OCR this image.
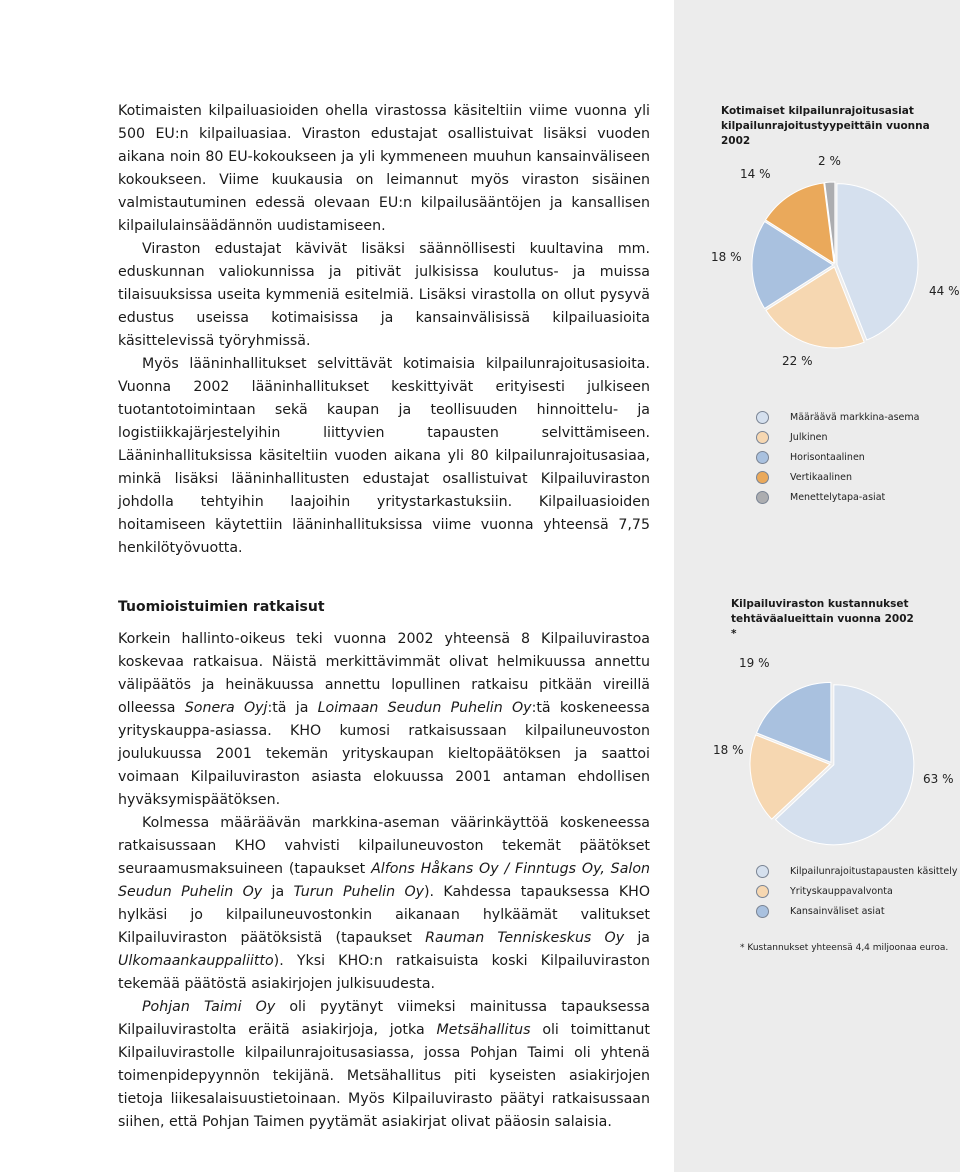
Kotimaisten kilpailuasioiden ohella virastossa käsiteltiin viime vuonna yli 500 EU:n kilpailuasiaa. Viraston edustajat osallistuivat lisäksi vuoden aikana noin 80 EU-kokoukseen ja yli kymmeneen muuhun kansainväliseen kokoukseen. Viime kuukausia on leimannut myös viraston sisäinen valmistautuminen edessä olevaan EU:n kilpailusääntöjen ja kansallisen kilpailulainsäädännön uudistamiseen.

Viraston edustajat kävivät lisäksi säännöllisesti kuultavina mm. eduskunnan valiokunnissa ja pitivät julkisissa koulutus- ja muissa tilaisuuksissa useita kymmeniä esitelmiä. Lisäksi virastolla on ollut pysyvä edustus useissa kotimaisissa ja kansainvälisissä kilpailuasioita käsittelevissä työryhmissä.

Myös lääninhallitukset selvittävät kotimaisia kilpailunrajoitusasioita. Vuonna 2002 lääninhallitukset keskittyivät erityisesti julkiseen tuotantotoimintaan sekä kaupan ja teollisuuden hinnoittelu- ja logistiikkajärjestelyihin liittyvien tapausten selvittämiseen. Lääninhallituksissa käsiteltiin vuoden aikana yli 80 kilpailunrajoitusasiaa, minkä lisäksi lääninhallitusten edustajat osallistuivat Kilpailuviraston johdolla tehtyihin laajoihin yritystarkastuksiin. Kilpailuasioiden hoitamiseen käytettiin lääninhallituksissa viime vuonna yhteensä 7,75 henkilötyövuotta.

Tuomioistuimien ratkaisut

Korkein hallinto-oikeus teki vuonna 2002 yhteensä 8 Kilpailuvirastoa koskevaa ratkaisua. Näistä merkittävimmät olivat helmikuussa annettu välipäätös ja heinäkuussa annettu lopullinen ratkaisu pitkään vireillä olleessa Sonera Oyj:tä ja Loimaan Seudun Puhelin Oy:tä koskeneessa yrityskauppa-asiassa. KHO kumosi ratkaisussaan kilpailuneuvoston joulukuussa 2001 tekemän yrityskaupan kieltopäätöksen ja saattoi voimaan Kilpailuviraston asiasta elokuussa 2001 antaman ehdollisen hyväksymispäätöksen.

Kolmessa määräävän markkina-aseman väärinkäyttöä koskeneessa ratkaisussaan KHO vahvisti kilpailuneuvoston tekemät päätökset seuraamusmaksuineen (tapaukset Alfons Håkans Oy / Finntugs Oy, Salon Seudun Puhelin Oy ja Turun Puhelin Oy). Kahdessa tapauksessa KHO hylkäsi jo kilpailuneuvostonkin aikanaan hylkäämät valitukset Kilpailuviraston päätöksistä (tapaukset Rauman Tenniskeskus Oy ja Ulkomaankauppaliitto). Yksi KHO:n ratkaisuista koski Kilpailuviraston tekemää päätöstä asiakirjojen julkisuudesta.

Pohjan Taimi Oy oli pyytänyt viimeksi mainitussa tapauksessa Kilpailuvirastolta eräitä asiakirjoja, jotka Metsähallitus oli toimittanut Kilpailuvirastolle kilpailunrajoitusasiassa, jossa Pohjan Taimi oli yhtenä toimenpidepyynnön tekijänä. Metsähallitus piti kyseisten asiakirjojen tietoja liikesalaisuustietoinaan. Myös Kilpailuvirasto päätyi ratkaisussaan siihen, että Pohjan Taimen pyytämät asiakirjat olivat pääosin salaisia.

Kotimaiset kilpailunrajoitusasiat kilpailunrajoitustyypeittäin vuonna 2002
44 %
22 %
18 %
14 %
2 %
Määräävä markkina-asema
Julkinen
Horisontaalinen
Vertikaalinen
Menettelytapa-asiat
Kilpailuviraston kustannukset tehtäväalueittain vuonna 2002 *
63 %
18 %
19 %
Kilpailunrajoitustapausten käsittely
Yrityskauppavalvonta
Kansainväliset asiat
* Kustannukset yhteensä 4,4 miljoonaa euroa.
